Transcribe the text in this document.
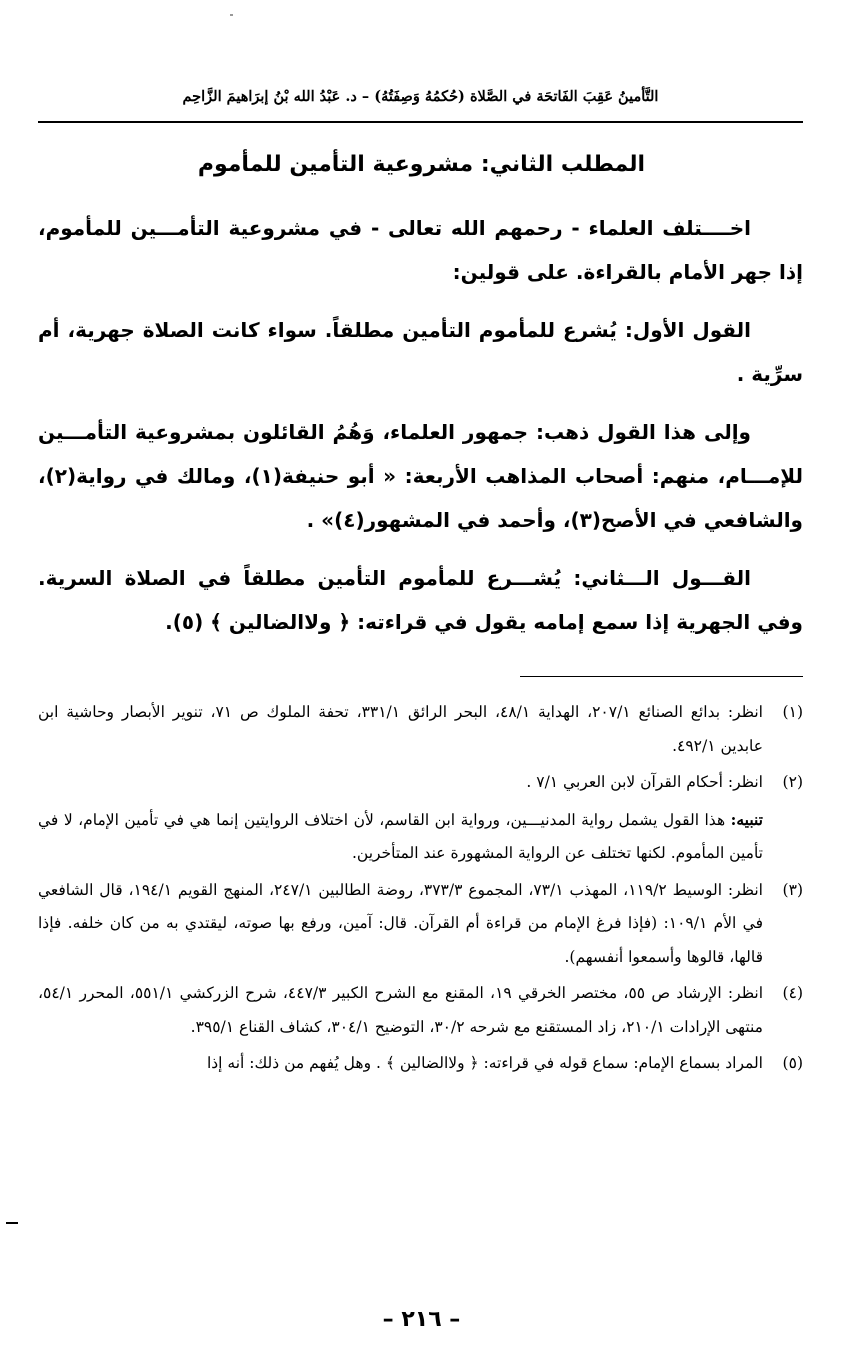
التَّأمينُ عَقِبَ الفَاتحَة في الصَّلاة (حُكمُهُ وَصِفَتُهُ) – د. عَبْدُ الله بْنُ إبرَاهيمَ الزَّاحِم
المطلب الثاني: مشروعية التأمين للمأموم

اخــــتلف العلماء - رحمهم الله تعالى - في مشروعية التأمـــين للمأموم، إذا جهر الأمام بالقراءة. على قولين:

القول الأول: يُشرع للمأموم التأمين مطلقاً. سواء كانت الصلاة جهرية، أم سرِّية .

وإلى هذا القول ذهب: جمهور العلماء، وَهُمُ القائلون بمشروعية التأمـــين للإمـــام، منهم: أصحاب المذاهب الأربعة: « أبو حنيفة(١)، ومالك في رواية(٢)، والشافعي في الأصح(٣)، وأحمد في المشهور(٤)» .

القـــول الـــثاني: يُشـــرع للمأموم التأمين مطلقاً في الصلاة السرية. وفي الجهرية إذا سمع إمامه يقول في قراءته: ﴿ ولاالضالين ﴾ (٥).

(١)
انظر: بدائع الصنائع ٢٠٧/١، الهداية ٤٨/١، البحر الرائق ٣٣١/١، تحفة الملوك ص ٧١، تنوير الأبصار وحاشية ابن عابدين ٤٩٢/١.
(٢)
انظر: أحكام القرآن لابن العربي ٧/١ .
تنبيه: هذا القول يشمل رواية المدنيـــين، ورواية ابن القاسم، لأن اختلاف الروايتين إنما هي في تأمين الإمام، لا في تأمين المأموم. لكنها تختلف عن الرواية المشهورة عند المتأخرين.
(٣)
انظر: الوسيط ١١٩/٢، المهذب ٧٣/١، المجموع ٣٧٣/٣، روضة الطالبين ٢٤٧/١، المنهج القويم ١٩٤/١، قال الشافعي في الأم ١٠٩/١: (فإذا فرغ الإمام من قراءة أم القرآن. قال: آمين، ورفع بها صوته، ليقتدي به من كان خلفه. فإذا قالها، قالوها وأسمعوا أنفسهم).
(٤)
انظر: الإرشاد ص ٥٥، مختصر الخرقي ١٩، المقنع مع الشرح الكبير ٤٤٧/٣، شرح الزركشي ٥٥١/١، المحرر ٥٤/١، منتهى الإرادات ٢١٠/١، زاد المستقنع مع شرحه ٣٠/٢، التوضيح ٣٠٤/١، كشاف القناع ٣٩٥/١.
(٥)
المراد بسماع الإمام: سماع قوله في قراءته: ﴿ ولاالضالين ﴾ . وهل يُفهم من ذلك: أنه إذا
– ٢١٦ –
